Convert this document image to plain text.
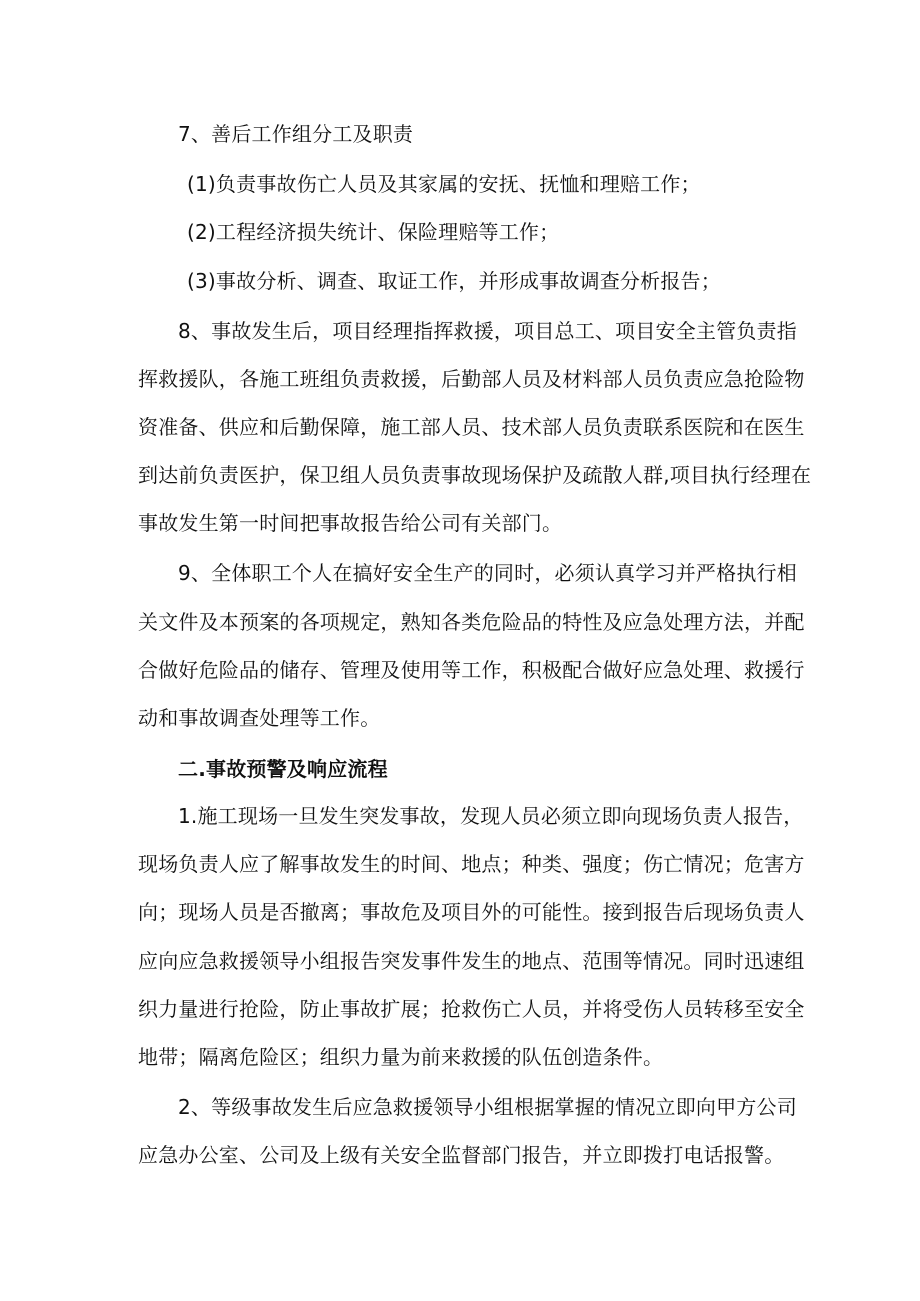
7、善后工作组分工及职责
(1)负责事故伤亡人员及其家属的安抚、抚恤和理赔工作；
(2)工程经济损失统计、保险理赔等工作；
(3)事故分析、调查、取证工作，并形成事故调查分析报告；
8、事故发生后，项目经理指挥救援，项目总工、项目安全主管负责指
挥救援队，各施工班组负责救援，后勤部人员及材料部人员负责应急抢险物
资准备、供应和后勤保障，施工部人员、技术部人员负责联系医院和在医生
到达前负责医护，保卫组人员负责事故现场保护及疏散人群,项目执行经理在
事故发生第一时间把事故报告给公司有关部门。
9、全体职工个人在搞好安全生产的同时，必须认真学习并严格执行相
关文件及本预案的各项规定，熟知各类危险品的特性及应急处理方法，并配
合做好危险品的储存、管理及使用等工作，积极配合做好应急处理、救援行
动和事故调查处理等工作。
二.事故预警及响应流程
1.施工现场一旦发生突发事故，发现人员必须立即向现场负责人报告，
现场负责人应了解事故发生的时间、地点；种类、强度；伤亡情况；危害方
向；现场人员是否撤离；事故危及项目外的可能性。接到报告后现场负责人
应向应急救援领导小组报告突发事件发生的地点、范围等情况。同时迅速组
织力量进行抢险，防止事故扩展；抢救伤亡人员，并将受伤人员转移至安全
地带；隔离危险区；组织力量为前来救援的队伍创造条件。
2、等级事故发生后应急救援领导小组根据掌握的情况立即向甲方公司
应急办公室、公司及上级有关安全监督部门报告，并立即拨打电话报警。
